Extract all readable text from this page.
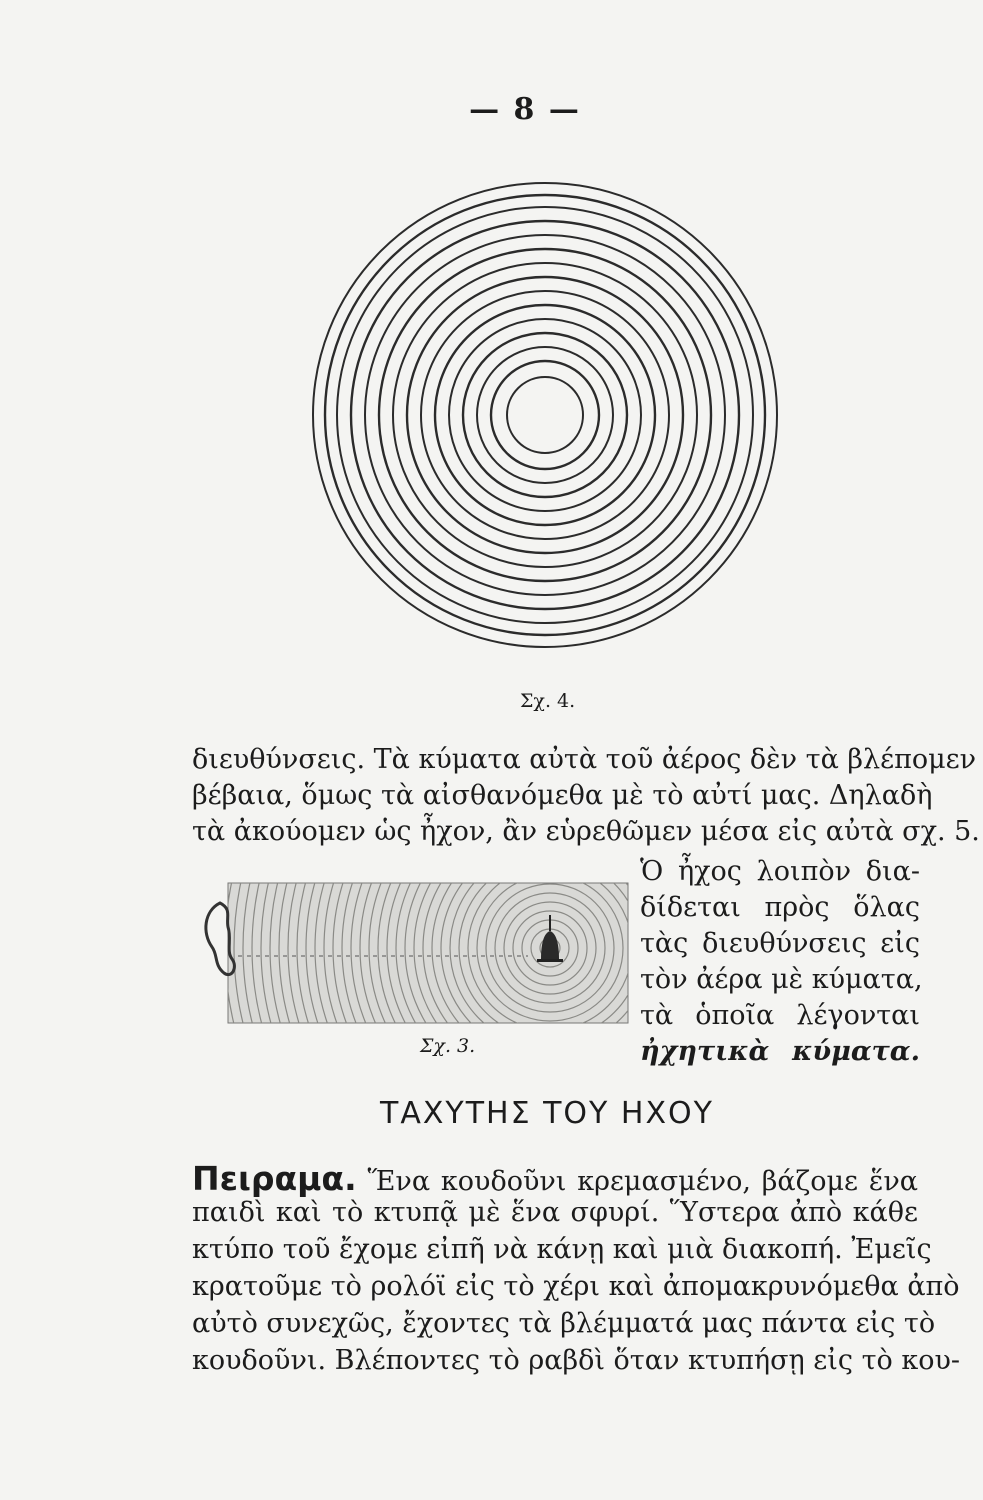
— 8 —
Σχ. 4.
διευθύνσεις. Τὰ κύματα αὐτὰ τοῦ ἀέρος δὲν τὰ βλέπομεν
βέβαια, ὅμως τὰ αἰσθανόμεθα μὲ τὸ αὐτί μας. Δηλαδὴ
τὰ ἀκούομεν ὡς ἦχον, ἂν εὑρεθῶμεν μέσα εἰς αὐτὰ σχ. 5.
Ὁ ἦχος λοιπὸν δια-
δίδεται πρὸς ὅλας
τὰς διευθύνσεις εἰς
τὸν ἀέρα μὲ κύματα,
τὰ ὁποῖα λέγονται
ἠχητικὰ κύματα.
Σχ. 3.
ΤΑΧΥΤΗΣ ΤΟΥ ΗΧΟΥ
Πειραμα. Ἕνα κουδοῦνι κρεμασμένο, βάζομε ἕνα
παιδὶ καὶ τὸ κτυπᾷ μὲ ἕνα σφυρί. Ὕστερα ἀπὸ κάθε
κτύπο τοῦ ἔχομε εἰπῆ νὰ κάνῃ καὶ μιὰ διακοπή. Ἐμεῖς
κρατοῦμε τὸ ρολόϊ εἰς τὸ χέρι καὶ ἀπομακρυνόμεθα ἀπὸ
αὐτὸ συνεχῶς, ἔχοντες τὰ βλέμματά μας πάντα εἰς τὸ
κουδοῦνι. Βλέποντες τὸ ραβδὶ ὅταν κτυπήσῃ εἰς τὸ κου-
